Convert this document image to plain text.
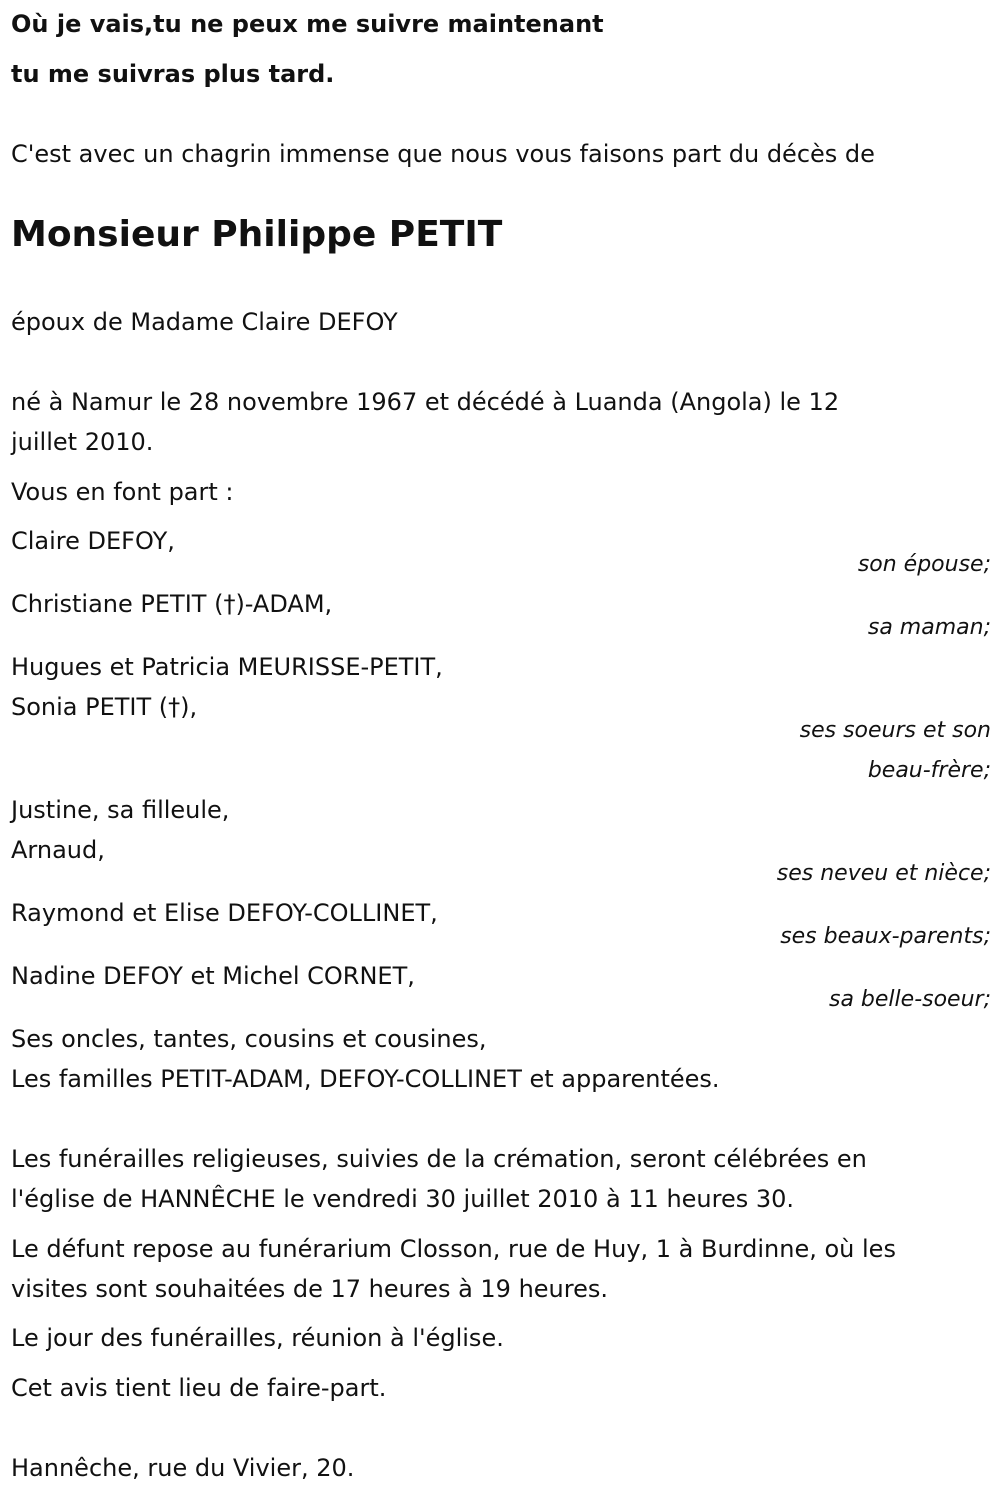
Où je vais,tu ne peux me suivre maintenant
tu me suivras plus tard.
C'est avec un chagrin immense que nous vous faisons part du décès de
Monsieur Philippe PETIT
époux de Madame Claire DEFOY
né à Namur le 28 novembre 1967 et décédé à Luanda (Angola) le 12
juillet 2010.
Vous en font part :
Claire DEFOY,
son épouse;
Christiane PETIT (†)-ADAM,
sa maman;
Hugues et Patricia MEURISSE-PETIT,
Sonia PETIT (†),
ses soeurs et son
beau-frère;
Justine, sa filleule,
Arnaud,
ses neveu et nièce;
Raymond et Elise DEFOY-COLLINET,
ses beaux-parents;
Nadine DEFOY et Michel CORNET,
sa belle-soeur;
Ses oncles, tantes, cousins et cousines,
Les familles PETIT-ADAM, DEFOY-COLLINET et apparentées.
Les funérailles religieuses, suivies de la crémation, seront célébrées en
l'église de HANNÊCHE le vendredi 30 juillet 2010 à 11 heures 30.
Le défunt repose au funérarium Closson, rue de Huy, 1 à Burdinne, où les
visites sont souhaitées de 17 heures à 19 heures.
Le jour des funérailles, réunion à l'église.
Cet avis tient lieu de faire-part.
Hannêche, rue du Vivier, 20.
